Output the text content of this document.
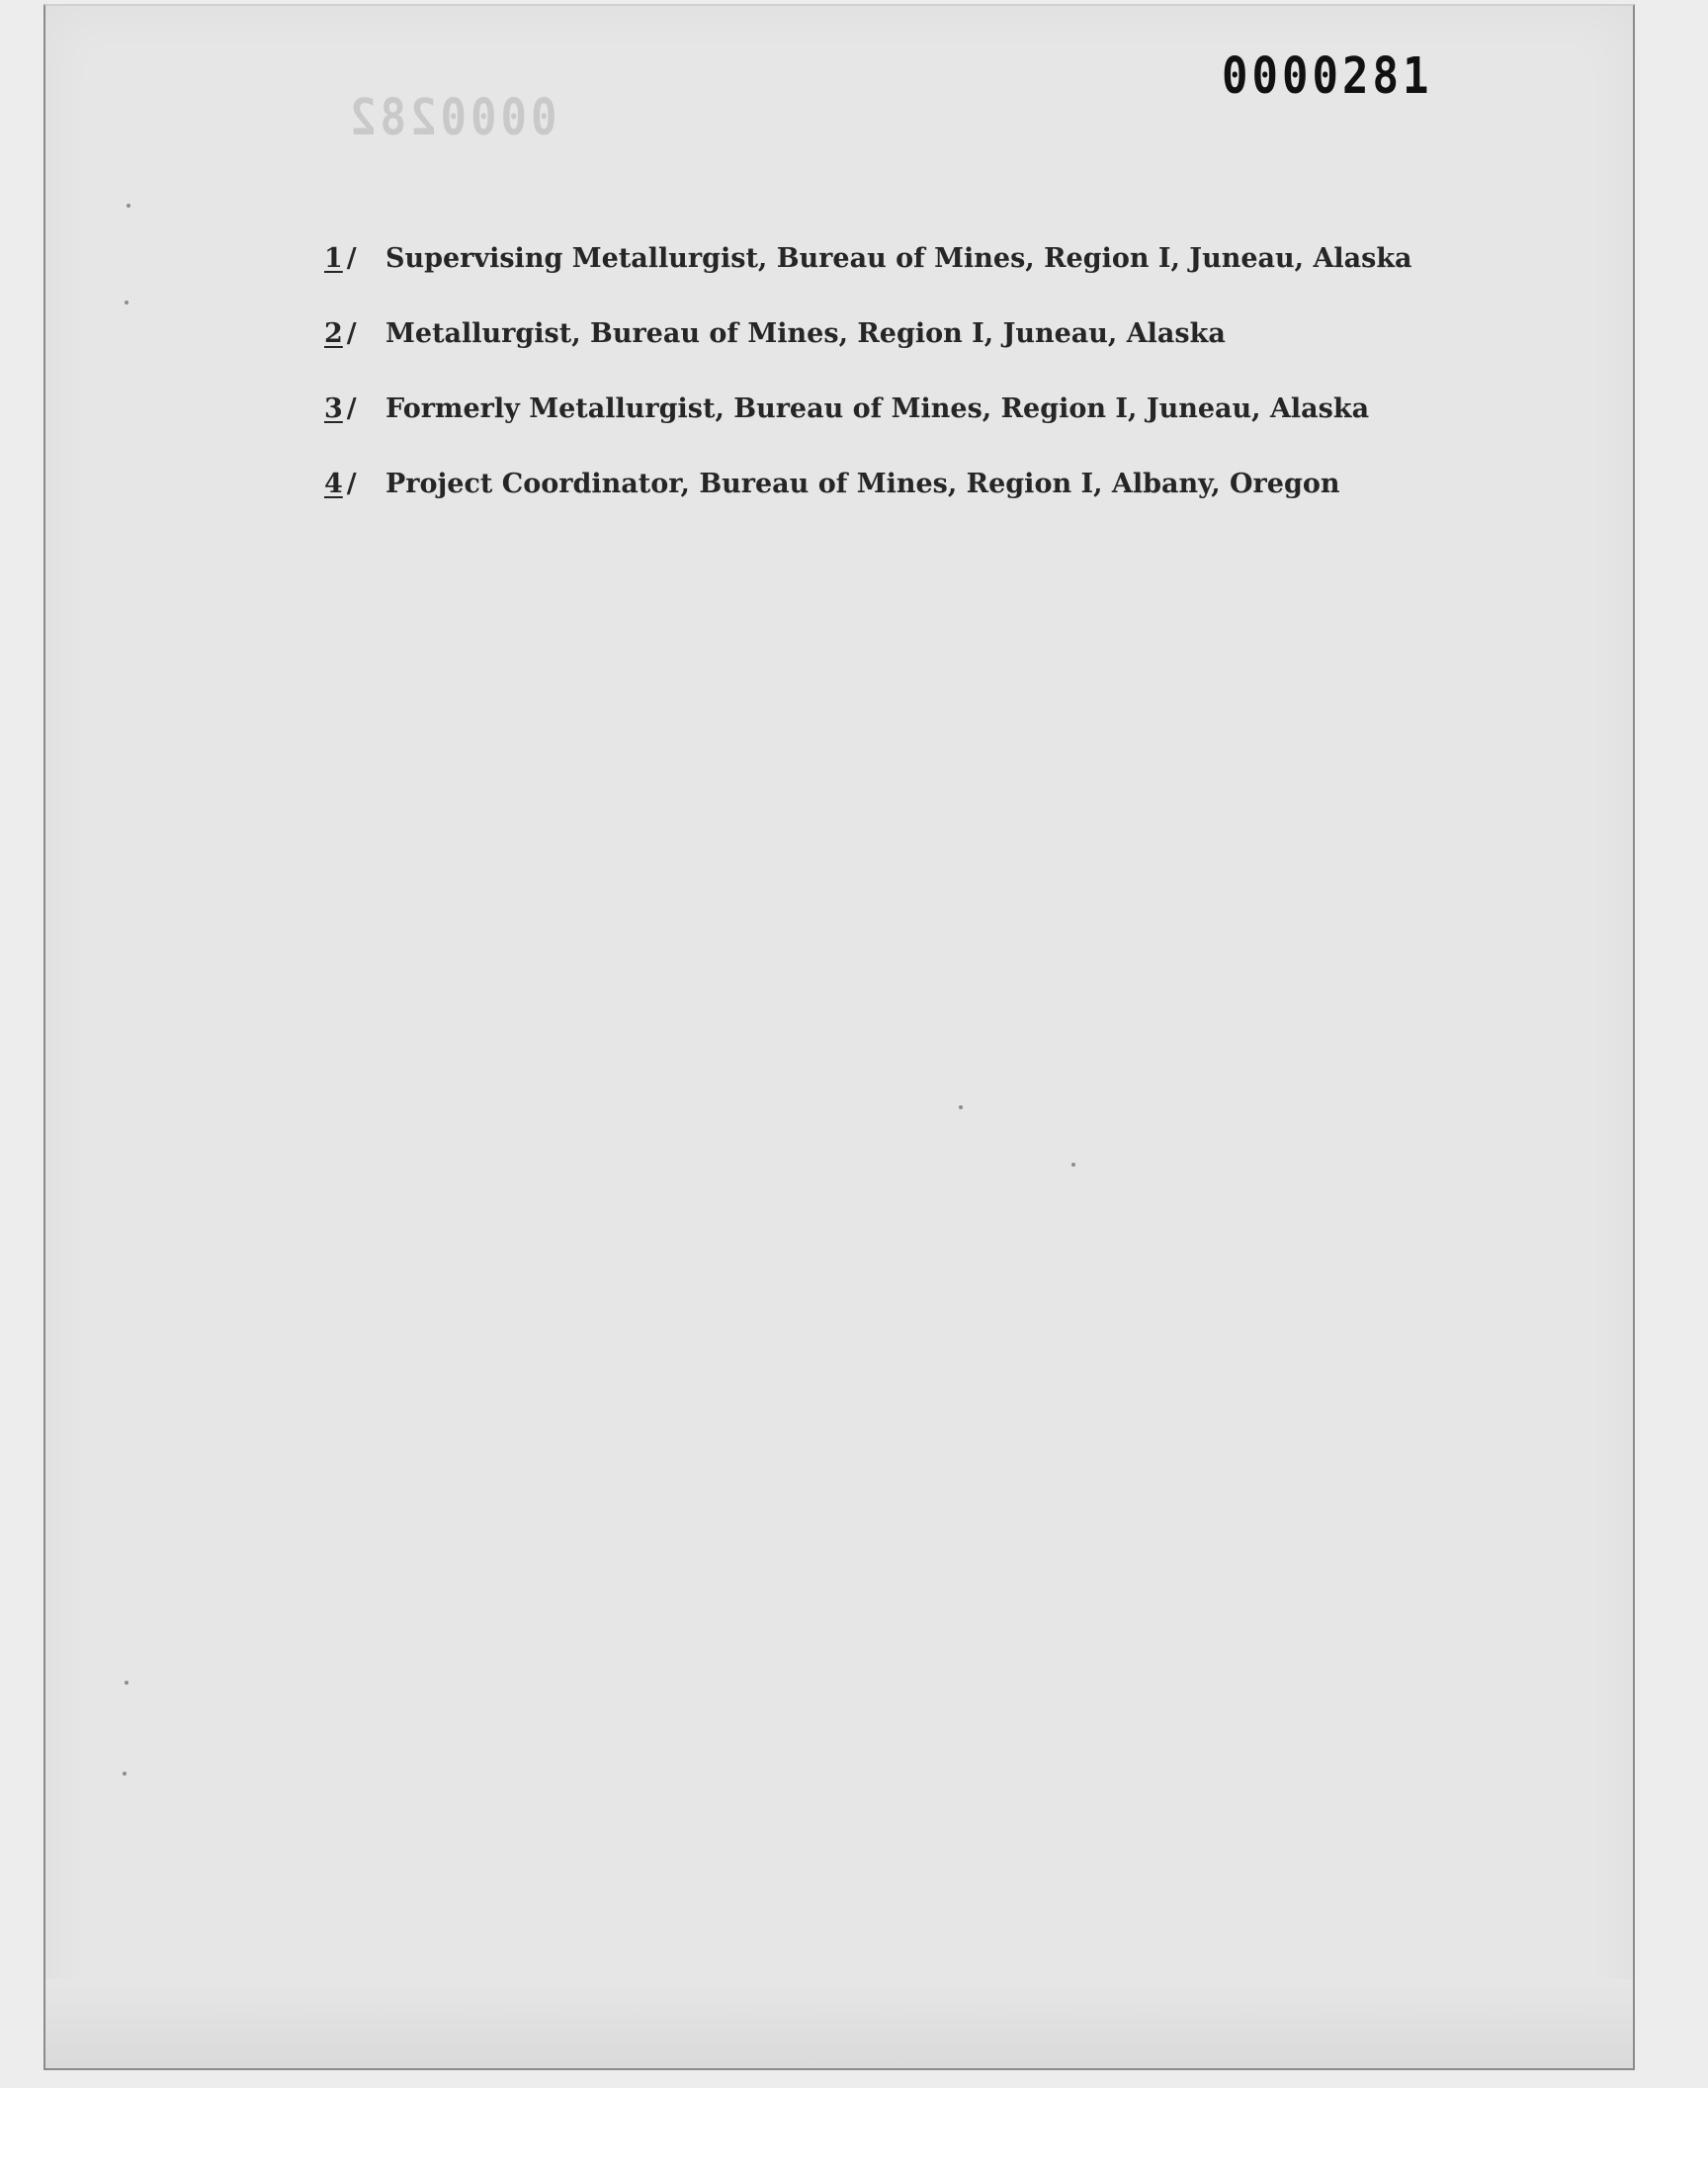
0000282
0000281
1 /	Supervising Metallurgist, Bureau of Mines, Region I, Juneau, Alaska
2 /	Metallurgist, Bureau of Mines, Region I, Juneau, Alaska
3 /	Formerly Metallurgist, Bureau of Mines, Region I, Juneau, Alaska
4 /	Project Coordinator, Bureau of Mines, Region I, Albany, Oregon
